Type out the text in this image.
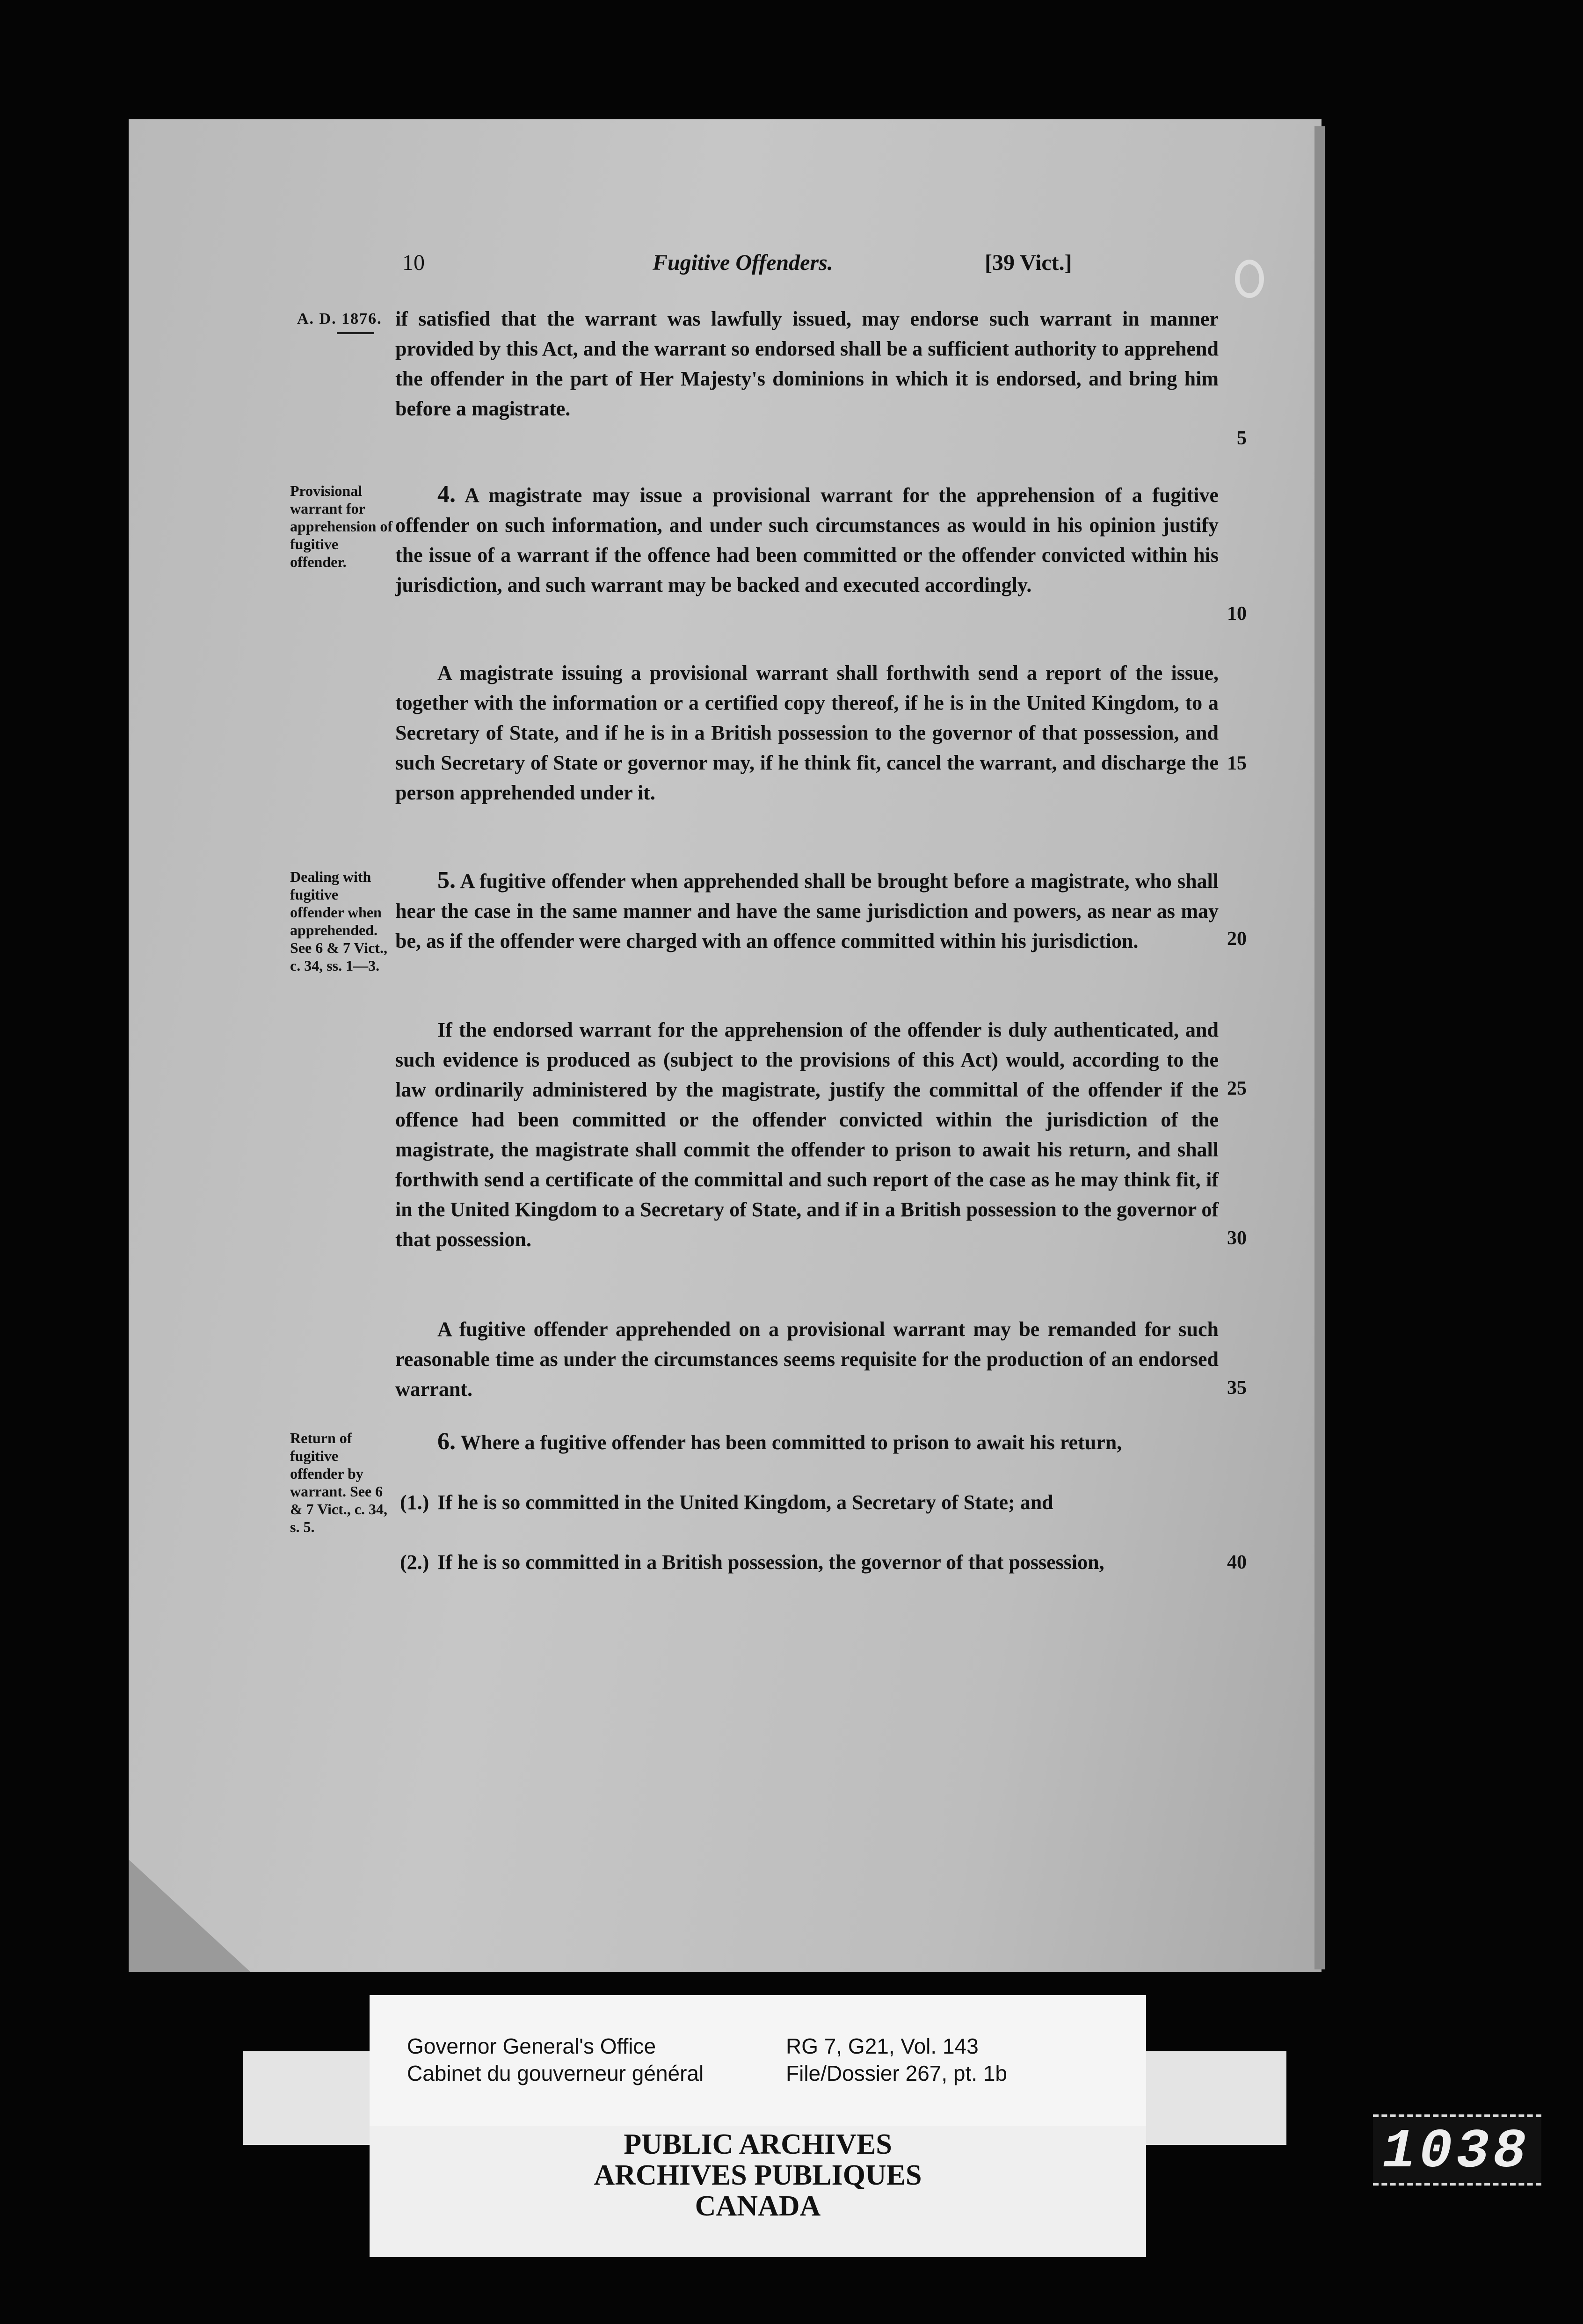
10	Fugitive Offenders.	[39 Vict.]
A. D. 1876. if satisfied that the warrant was lawfully issued, may endorse such warrant in manner provided by this Act, and the warrant so endorsed shall be a sufficient authority to apprehend the offender in the part of Her Majesty's dominions in which it is endorsed, and bring him before a magistrate.

5

Provisional warrant for apprehension of fugitive offender.

4. A magistrate may issue a provisional warrant for the apprehension of a fugitive offender on such information, and under such circumstances as would in his opinion justify the issue of a warrant if the offence had been committed or the offender convicted within his jurisdiction, and such warrant may be backed and executed accordingly.

10

A magistrate issuing a provisional warrant shall forthwith send a report of the issue, together with the information or a certified copy thereof, if he is in the United Kingdom, to a Secretary of State, and if he is in a British possession to the governor of that possession, and such Secretary of State or governor may, if he think fit, cancel the warrant, and discharge the person apprehended under it.

15

Dealing with fugitive offender when apprehended. See 6 & 7 Vict., c. 34, ss. 1—3.

5. A fugitive offender when apprehended shall be brought before a magistrate, who shall hear the case in the same manner and have the same jurisdiction and powers, as near as may be, as if the offender were charged with an offence committed within his jurisdiction.	20

If the endorsed warrant for the apprehension of the offender is duly authenticated, and such evidence is produced as (subject to the provisions of this Act) would, according to the law ordinarily administered by the magistrate, justify the committal of the offender if the offence had been committed or the offender convicted within the jurisdiction of the magistrate, the magistrate shall commit the offender to prison to await his return, and shall forthwith send a certificate of the committal and such report of the case as he may think fit, if in the United Kingdom to a Secretary of State, and if in a British possession to the governor of that possession.

25
30

A fugitive offender apprehended on a provisional warrant may be remanded for such reasonable time as under the circumstances seems requisite for the production of an endorsed warrant.	35

Return of fugitive offender by warrant. See 6 & 7 Vict., c. 34, s. 5.

6. Where a fugitive offender has been committed to prison to await his return,

(1.) If he is so committed in the United Kingdom, a Secretary of State; and
(2.) If he is so committed in a British possession, the governor of that possession,	40
Governor General's Office
Cabinet du gouverneur général
RG 7, G21, Vol. 143
File/Dossier 267, pt. 1b
PUBLIC ARCHIVES
ARCHIVES PUBLIQUES
CANADA
1038
